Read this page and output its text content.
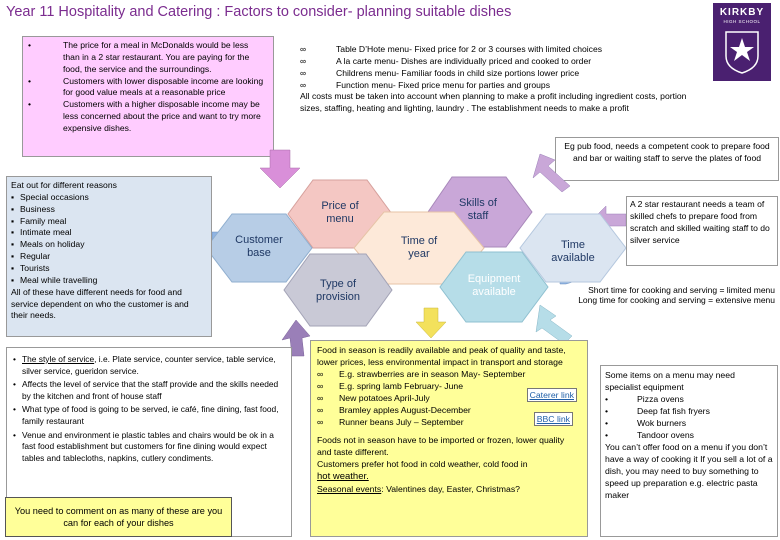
Year 11 Hospitality and Catering : Factors to consider- planning suitable dishes	KIRKBY
HIGH SCHOOL
• The price for a meal in McDonalds would be less than in a 2 star restaurant. You are paying for the food, the service and the surroundings.
• Customers with lower disposable income are looking for good value meals at a reasonable price
• Customers with a higher disposable income may be less concerned about the price and want to try more expensive dishes.
∞	Table D’Hote menu- Fixed price for 2 or 3 courses with limited choices
∞	A la carte menu- Dishes are individually priced and cooked to order
∞	Childrens menu- Familiar foods in child size portions lower price
∞	Function menu- Fixed price menu for parties and groups
All costs must be taken into account when planning to make a profit including ingredient costs, portion sizes, staffing, heating and lighting, laundry . The establishment needs to make a profit
Eg pub food, needs a competent cook to prepare food and bar or waiting staff to serve the plates of food
Price of menu
Skills of staff
Customer base
Time of year
Time available
Type of provision
Equipment available
Eat out for different reasons
▪ Special occasions
▪ Business
▪ Family meal
▪ Intimate meal
▪ Meals on holiday
▪ Regular
▪ Tourists
▪ Meal while travelling
All of these have different needs for food and service dependent on who the customer is and their needs.
A 2 star restaurant needs a team of skilled chefs to prepare food from scratch and skilled waiting staff to do silver service
Short time for cooking and serving = limited menu
Long time for cooking and serving = extensive menu
• The style of service, i.e. Plate service, counter service, table service, silver service, gueridon service.
• Affects the level of service that the staff provide and the skills needed by the kitchen and front of house staff
• What type of food is going to be served, ie café, fine dining, fast food, family restaurant
• Venue and environment ie plastic tables and chairs would be ok in a fast food establishment but customers for fine dining would expect tables and tablecloths, napkins, cutlery condiments.
You need to comment on as many of these are you can for each of your dishes
Food in season is readily available and peak of quality and taste, lower prices, less environmental impact in transport and storage
∞ E.g. strawberries are in season May- September
∞ E.g. spring lamb February- June
∞ New potatoes April-July	Caterer link
∞ Bramley apples August-December
∞ Runner beans July – September	BBC link
Foods not in season have to be imported or frozen, lower quality and taste different.
Customers prefer hot food in cold weather, cold food in
hot weather.
Seasonal events: Valentines day, Easter, Christmas?
Some items on a menu may need specialist equipment
• Pizza ovens
• Deep fat fish fryers
• Wok burners
• Tandoor ovens
You can’t offer food on a menu if you don’t have a way of cooking it If you sell a lot of a dish, you may need to buy something to speed up preparation e.g. electric pasta maker
